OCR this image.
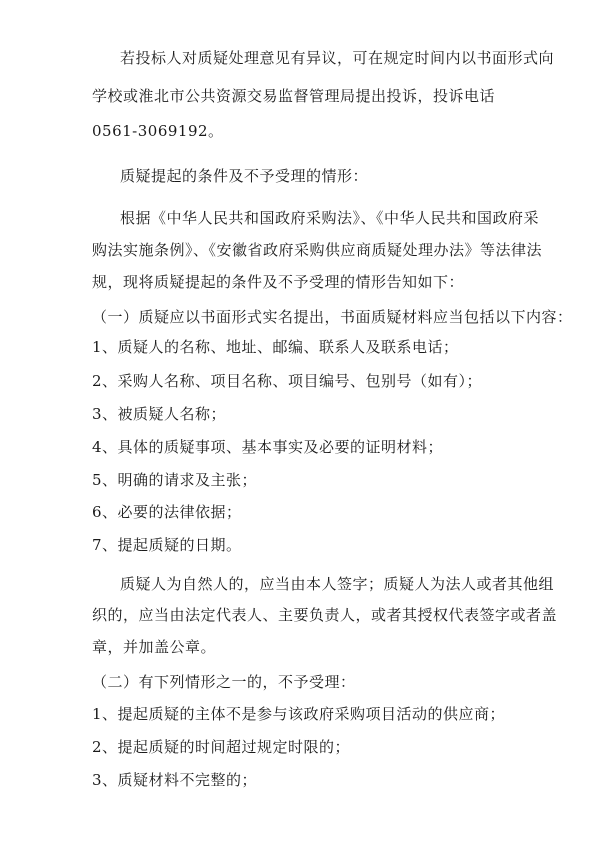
若投标人对质疑处理意见有异议，可在规定时间内以书面形式向
学校或淮北市公共资源交易监督管理局提出投诉，投诉电话
0561-3069192。
质疑提起的条件及不予受理的情形：
根据《中华人民共和国政府采购法》、《中华人民共和国政府采
购法实施条例》、《安徽省政府采购供应商质疑处理办法》等法律法
规，现将质疑提起的条件及不予受理的情形告知如下：
（一）质疑应以书面形式实名提出，书面质疑材料应当包括以下内容：
1、质疑人的名称、地址、邮编、联系人及联系电话；
2、采购人名称、项目名称、项目编号、包别号（如有）；
3、被质疑人名称；
4、具体的质疑事项、基本事实及必要的证明材料；
5、明确的请求及主张；
6、必要的法律依据；
7、提起质疑的日期。
质疑人为自然人的，应当由本人签字；质疑人为法人或者其他组
织的，应当由法定代表人、主要负责人，或者其授权代表签字或者盖
章，并加盖公章。
（二）有下列情形之一的，不予受理：
1、提起质疑的主体不是参与该政府采购项目活动的供应商；
2、提起质疑的时间超过规定时限的；
3、质疑材料不完整的；
